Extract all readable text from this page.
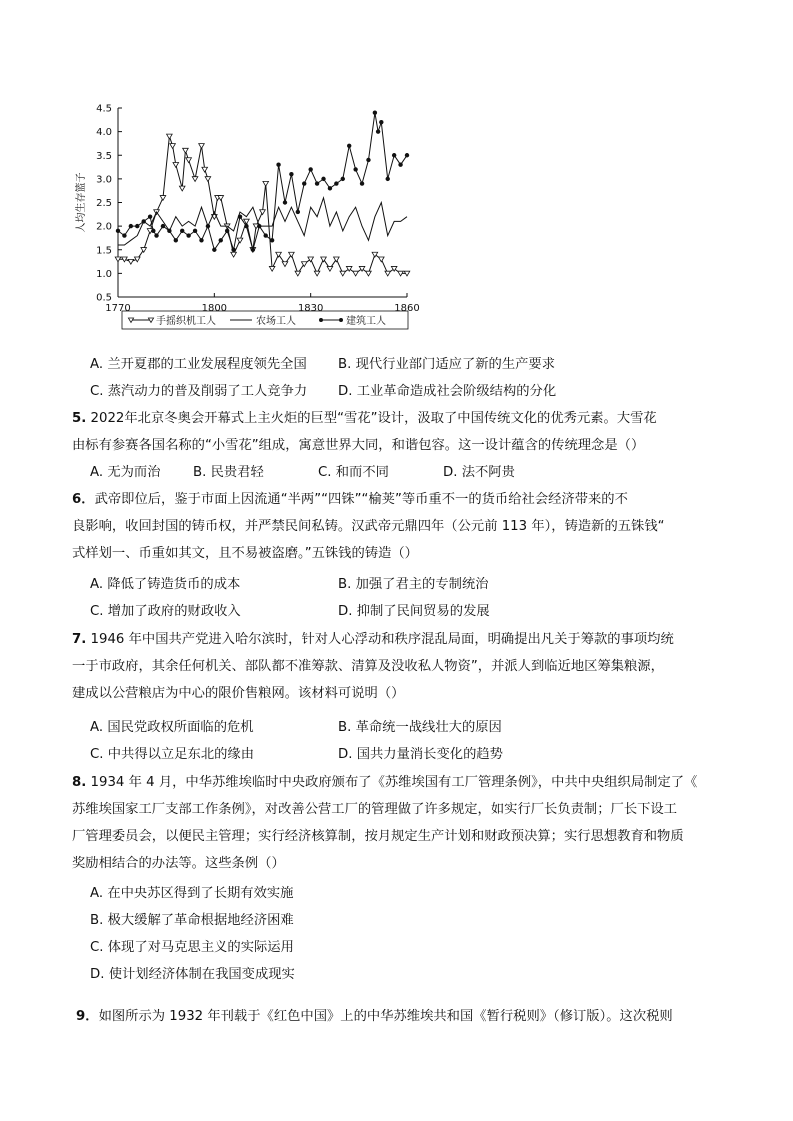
0.5
1.0
1.5
2.0
2.5
3.0
3.5
4.0
4.5
1770	1800	1830	1860
人均生存篮子
手摇织机工人	农场工人	建筑工人
A. 兰开夏郡的工业发展程度领先全国 B. 现代行业部门适应了新的生产要求
C. 蒸汽动力的普及削弱了工人竞争力 D. 工业革命造成社会阶级结构的分化
5. 2022年北京冬奥会开幕式上主火炬的巨型“雪花”设计，汲取了中国传统文化的优秀元素。大雪花
由标有参赛各国名称的“小雪花”组成，寓意世界大同，和谐包容。这一设计蕴含的传统理念是（）
A. 无为而治 B. 民贵君轻	C. 和而不同	D. 法不阿贵
6．武帝即位后，鉴于市面上因流通“半两”“四铢”“榆荚”等币重不一的货币给社会经济带来的不
良影响，收回封国的铸币权，并严禁民间私铸。汉武帝元鼎四年（公元前 113 年），铸造新的五铢钱“
式样划一、币重如其文，且不易被盗磨。”五铢钱的铸造（）
A. 降低了铸造货币的成本	B. 加强了君主的专制统治
C. 增加了政府的财政收入	D. 抑制了民间贸易的发展
7. 1946 年中国共产党进入哈尔滨时，针对人心浮动和秩序混乱局面，明确提出凡关于筹款的事项均统
一于市政府，其余任何机关、部队都不准筹款、清算及没收私人物资”，并派人到临近地区筹集粮源，
建成以公营粮店为中心的限价售粮网。该材料可说明（）
A. 国民党政权所面临的危机	B. 革命统一战线壮大的原因
C. 中共得以立足东北的缘由	D. 国共力量消长变化的趋势
8. 1934 年 4 月，中华苏维埃临时中央政府颁布了《苏维埃国有工厂管理条例》，中共中央组织局制定了《
苏维埃国家工厂支部工作条例》，对改善公营工厂的管理做了许多规定，如实行厂长负责制；厂长下设工
厂管理委员会，以便民主管理；实行经济核算制，按月规定生产计划和财政预决算；实行思想教育和物质
奖励相结合的办法等。这些条例（）
A. 在中央苏区得到了长期有效实施
B. 极大缓解了革命根据地经济困难
C. 体现了对马克思主义的实际运用
D. 使计划经济体制在我国变成现实
9．如图所示为 1932 年刊载于《红色中国》上的中华苏维埃共和国《暂行税则》（修订版）。这次税则
